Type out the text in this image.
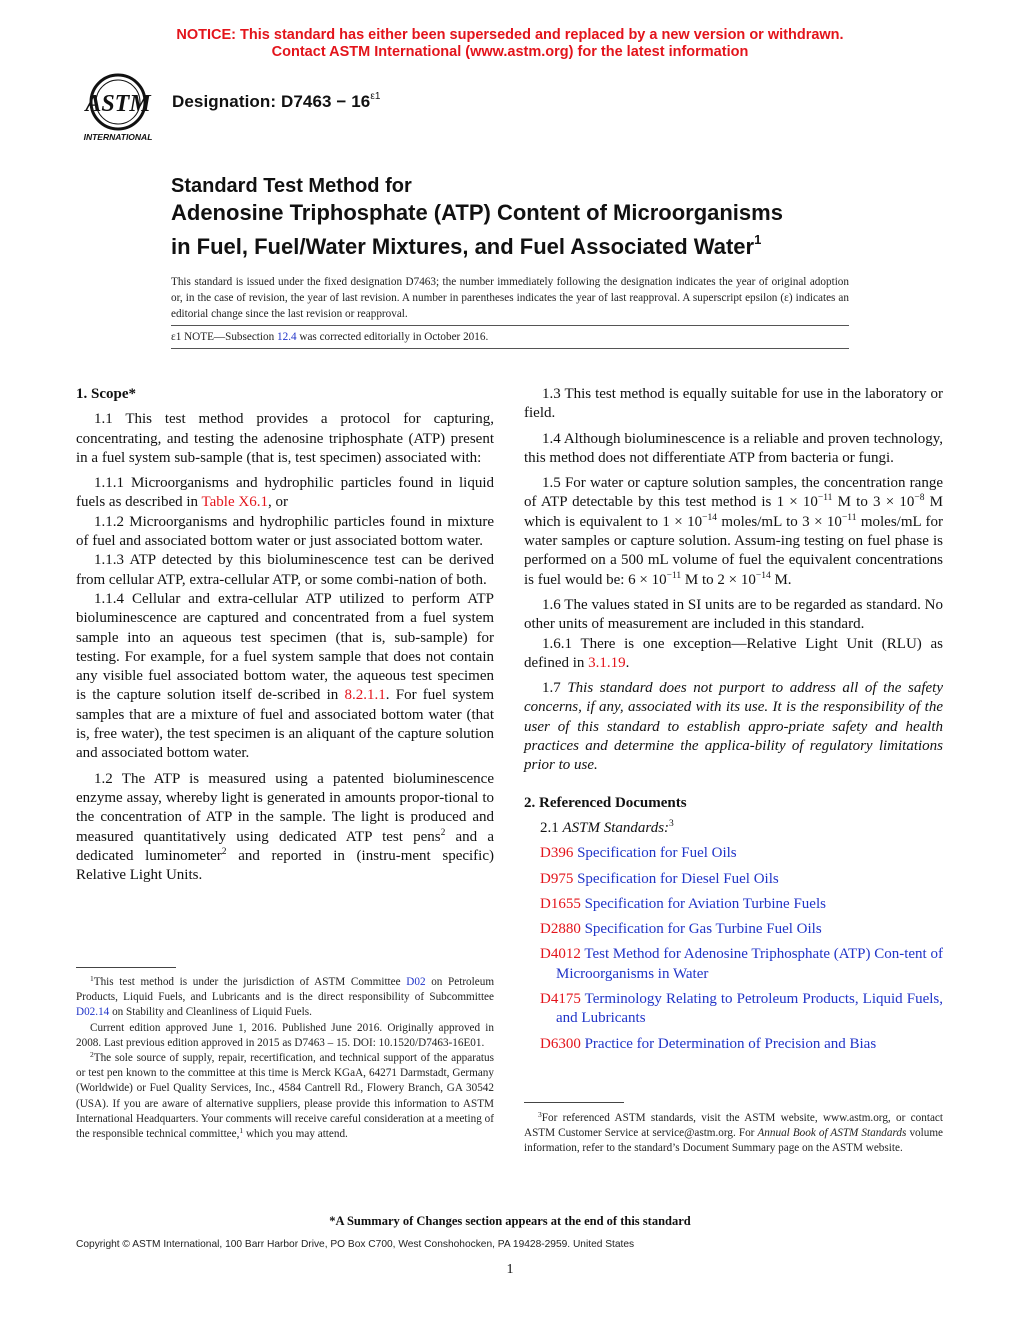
NOTICE: This standard has either been superseded and replaced by a new version or withdrawn.
Contact ASTM International (www.astm.org) for the latest information
ASTM
INTERNATIONAL
Designation: $D7463 - 16^{\varepsilon 1}$
Standard Test Method for
Adenosine Triphosphate (ATP) Content of Microorganisms
in Fuel, Fuel/Water Mixtures, and Fuel Associated Water$^1$
This standard is issued under the fixed designation D7463; the number immediately following the designation indicates the year of original adoption or, in the case of revision, the year of last revision. A number in parentheses indicates the year of last reapproval. A superscript epsilon (ε) indicates an editorial change since the last revision or reapproval.
ε1 NOTE—Subsection 12.4 was corrected editorially in October 2016.
1. Scope*

1.1 This test method provides a protocol for capturing, concentrating, and testing the adenosine triphosphate (ATP) present in a fuel system sub-sample (that is, test specimen) associated with:

1.1.1 Microorganisms and hydrophilic particles found in liquid fuels as described in Table X6.1, or

1.1.2 Microorganisms and hydrophilic particles found in mixture of fuel and associated bottom water or just associated bottom water.

1.1.3 ATP detected by this bioluminescence test can be derived from cellular ATP, extra-cellular ATP, or some combi-nation of both.

1.1.4 Cellular and extra-cellular ATP utilized to perform ATP bioluminescence are captured and concentrated from a fuel system sample into an aqueous test specimen (that is, sub-sample) for testing. For example, for a fuel system sample that does not contain any visible fuel associated bottom water, the aqueous test specimen is the capture solution itself de-scribed in 8.2.1.1. For fuel system samples that are a mixture of fuel and associated bottom water (that is, free water), the test specimen is an aliquant of the capture solution and associated bottom water.

1.2 The ATP is measured using a patented bioluminescence enzyme assay, whereby light is generated in amounts propor-tional to the concentration of ATP in the sample. The light is produced and measured quantitatively using dedicated ATP test pens$^2$ and a dedicated luminometer$^2$ and reported in (instru-ment specific) Relative Light Units.

1.3 This test method is equally suitable for use in the laboratory or field.

1.4 Although bioluminescence is a reliable and proven technology, this method does not differentiate ATP from bacteria or fungi.

1.5 For water or capture solution samples, the concentration range of ATP detectable by this test method is $1 \times 10^{-11}$ M to $3 \times 10^{-8}$ M which is equivalent to $1 \times 10^{-14}$ moles/mL to $3 \times 10^{-11}$ moles/mL for water samples or capture solution. Assum-ing testing on fuel phase is performed on a 500 mL volume of fuel the equivalent concentrations is fuel would be: $6 \times 10^{-11}$ M to $2 \times 10^{-14}$ M.

1.6 The values stated in SI units are to be regarded as standard. No other units of measurement are included in this standard.

1.6.1 There is one exception—Relative Light Unit (RLU) as defined in 3.1.19.

1.7 This standard does not purport to address all of the safety concerns, if any, associated with its use. It is the responsibility of the user of this standard to establish appro-priate safety and health practices and determine the applica-bility of regulatory limitations prior to use.

2. Referenced Documents

2.1 ASTM Standards:$^3$

D396 Specification for Fuel Oils

D975 Specification for Diesel Fuel Oils

D1655 Specification for Aviation Turbine Fuels

D2880 Specification for Gas Turbine Fuel Oils

D4012 Test Method for Adenosine Triphosphate (ATP) Con-tent of Microorganisms in Water

D4175 Terminology Relating to Petroleum Products, Liquid Fuels, and Lubricants

D6300 Practice for Determination of Precision and Bias

$^1$This test method is under the jurisdiction of ASTM Committee D02 on Petroleum Products, Liquid Fuels, and Lubricants and is the direct responsibility of Subcommittee D02.14 on Stability and Cleanliness of Liquid Fuels.

Current edition approved June 1, 2016. Published June 2016. Originally approved in 2008. Last previous edition approved in 2015 as D7463 – 15. DOI: 10.1520/D7463-16E01.

$^2$The sole source of supply, repair, recertification, and technical support of the apparatus or test pen known to the committee at this time is Merck KGaA, 64271 Darmstadt, Germany (Worldwide) or Fuel Quality Services, Inc., 4584 Cantrell Rd., Flowery Branch, GA 30542 (USA). If you are aware of alternative suppliers, please provide this information to ASTM International Headquarters. Your comments will receive careful consideration at a meeting of the responsible technical committee,$^1$ which you may attend.

$^3$For referenced ASTM standards, visit the ASTM website, www.astm.org, or contact ASTM Customer Service at service@astm.org. For Annual Book of ASTM Standards volume information, refer to the standard’s Document Summary page on the ASTM website.

*A Summary of Changes section appears at the end of this standard
Copyright © ASTM International, 100 Barr Harbor Drive, PO Box C700, West Conshohocken, PA 19428-2959. United States
1
